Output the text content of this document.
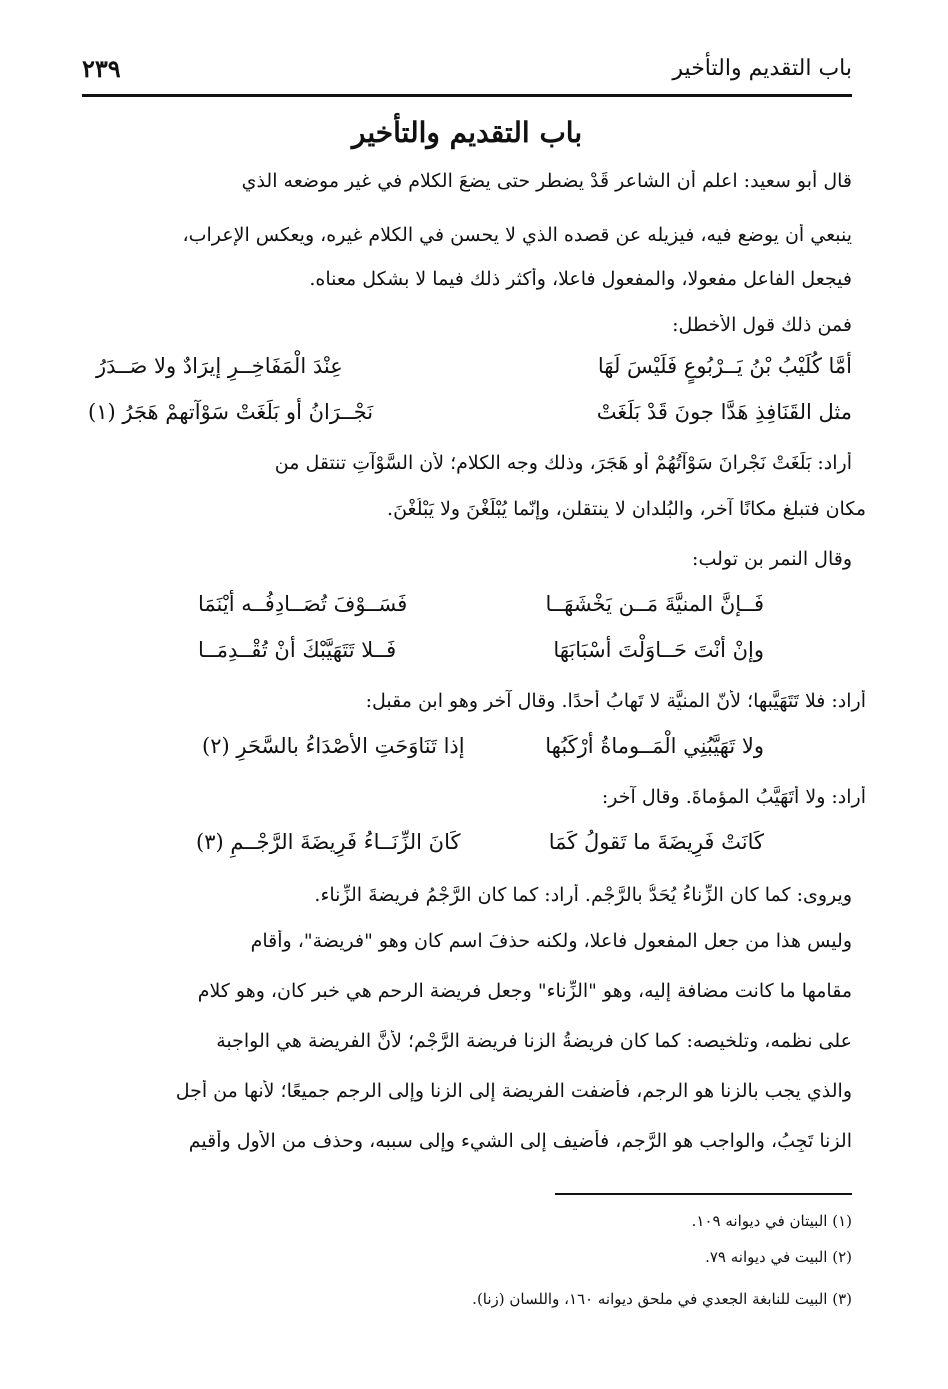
باب التقديم والتأخير
٢٣٩
باب التقديم والتأخير
قال أبو سعيد: اعلم أن الشاعر قَدْ يضطر حتى يضعَ الكلام في غير موضعه الذي
ينبعي أن يوضع فيه، فيزيله عن قصده الذي لا يحسن في الكلام غيره، ويعكس الإعراب،
فيجعل الفاعل مفعولا، والمفعول فاعلا، وأكثر ذلك فيما لا بشكل معناه.
فمن ذلك قول الأخطل:
أمَّا كُلَيْبُ بْنُ يَــرْبُوعٍ فَلَيْسَ لَهَا
عِنْدَ الْمَفَاخِــرِ إيرَادٌ ولا صَــدَرُ
مثل القَنَافِذِ هَدَّا جونَ قَدْ بَلَغَتْ
نَجْــرَانُ أو بَلَغَتْ سَوْآتهمْ هَجَرُ (١)
أراد: بَلَغَتْ نَجْرانَ سَوْآتُهُمْ أو هَجَرَ، وذلك وجه الكلام؛ لأن السَّوْآتِ تنتقل من
مكان فتبلغ مكانًا آخر، والبُلدان لا ينتقلن، وإنّما يُبْلَغْنَ ولا يَبْلُغْنَ.
وقال النمر بن تولب:
فَــإنَّ المنيَّةَ مَــن يَخْشَهَــا
فَسَــوْفَ تُصَــادِفُــه أيْنَمَا
وإنْ أنْتَ حَــاوَلْتَ أسْبَابَهَا
فَــلا تَتَهَيَّبْكَ أنْ تُقْــدِمَــا
أراد: فلا تَتَهَيَّبها؛ لأنّ المنيَّة لا تَهابُ أحدًا. وقال آخر وهو ابن مقبل:
ولا تَهَيَّبُنِي الْمَــوماةُ أرْكَبُها
إذا تَنَاوَحَتِ الأصْدَاءُ بالسَّحَرِ (٢)
أراد: ولا أتَهَيَّبُ المؤماةَ. وقال آخر:
كَانَتْ فَرِيضَةَ ما تَقولُ كَمَا
كَانَ الزِّنَــاءُ فَرِيضَةَ الرَّجْــمِ (٣)
ويروى: كما كان الزِّناءُ يُحَدُّ بالرَّجْم. أراد: كما كان الرَّجْمُ فريضةَ الزِّناء.
وليس هذا من جعل المفعول فاعلا، ولكنه حذفَ اسم كان وهو "فريضة"، وأقام
مقامها ما كانت مضافة إليه، وهو "الزِّناء" وجعل فريضة الرحم هي خبر كان، وهو كلام
على نظمه، وتلخيصه: كما كان فريضةُ الزنا فريضة الرَّجْم؛ لأنَّ الفريضة هي الواجبة
والذي يجب بالزنا هو الرجم، فأضفت الفريضة إلى الزنا وإلى الرجم جميعًا؛ لأنها من أجل
الزنا تَجِبُ، والواجب هو الرَّجم، فأضيف إلى الشيء وإلى سببه، وحذف من الأول وأقيم
(١) البيتان في ديوانه ١٠٩.
(٢) البيت في ديوانه ٧٩.
(٣) البيت للنابغة الجعدي في ملحق ديوانه ١٦٠، واللسان (زنا).
